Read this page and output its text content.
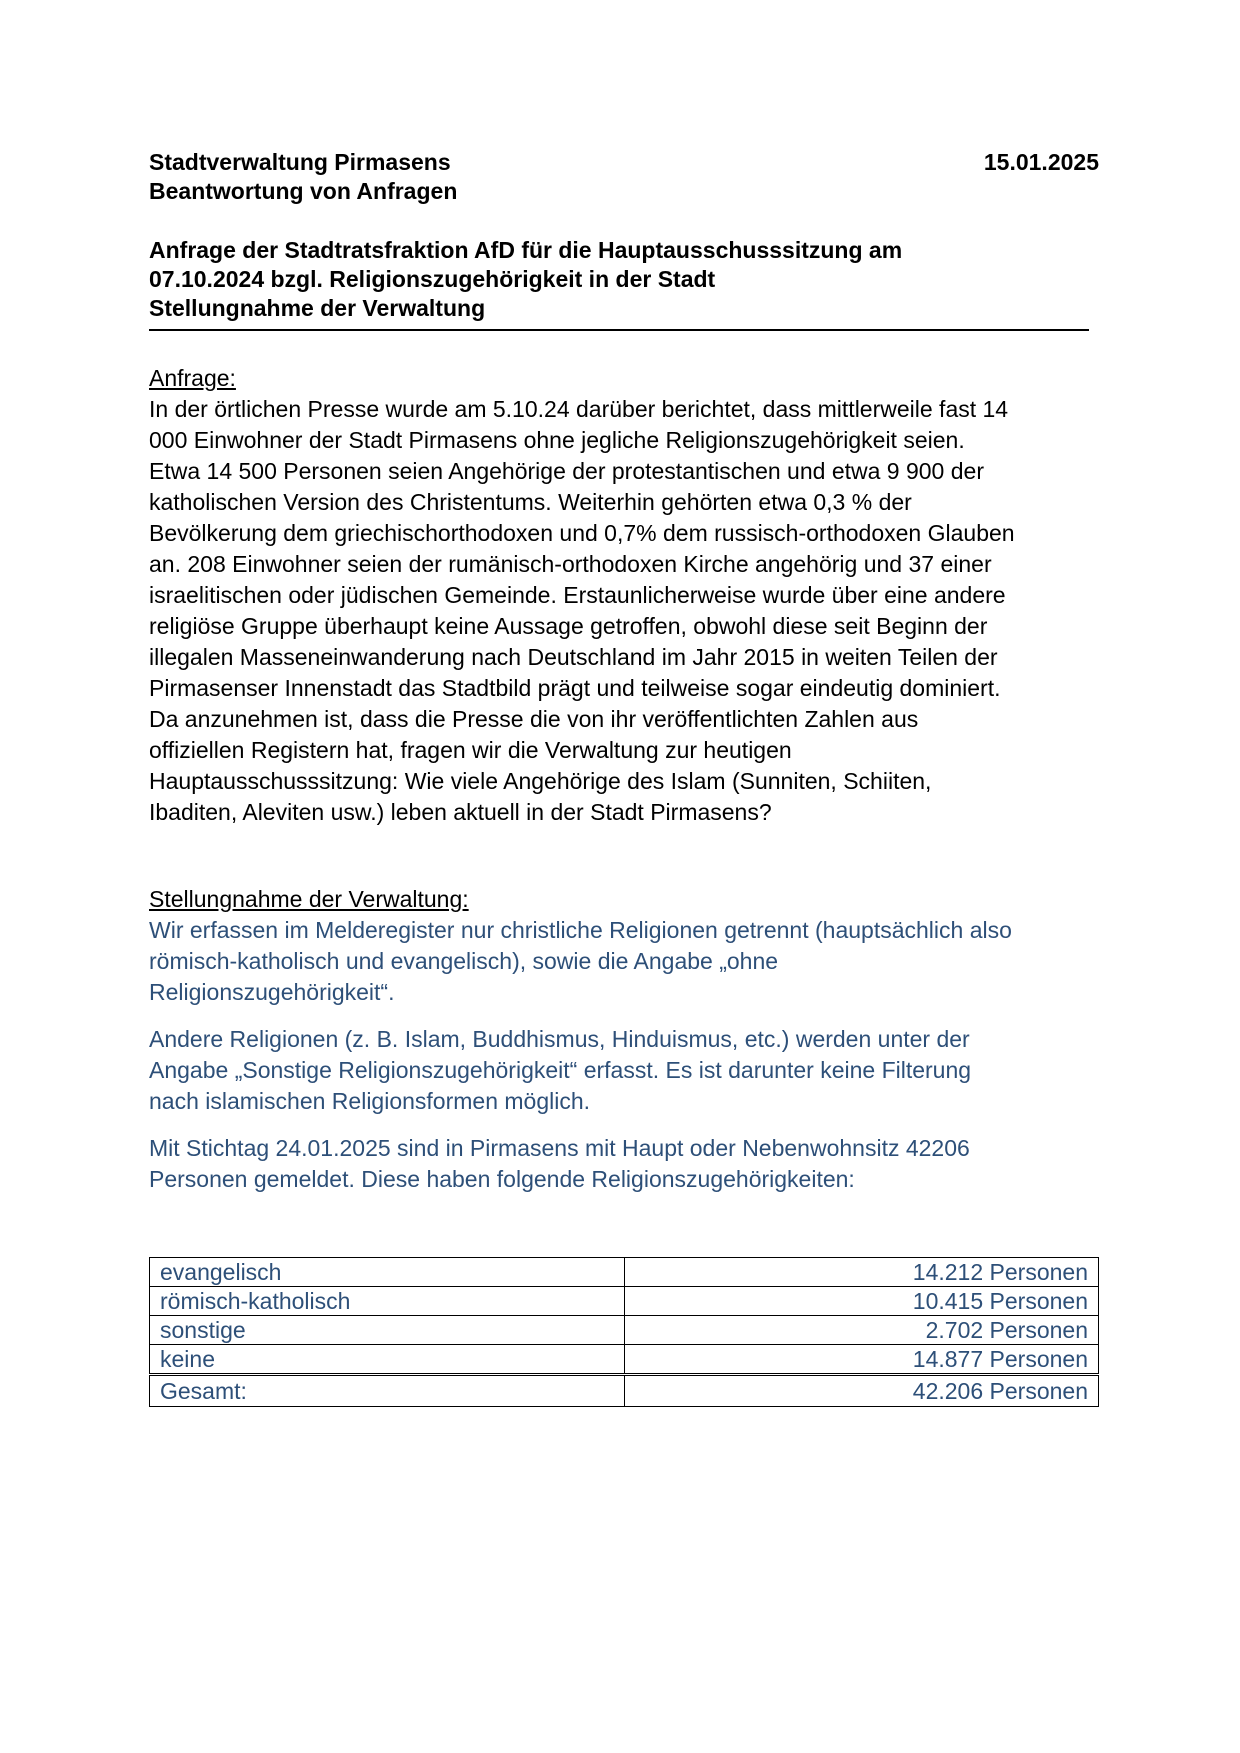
Stadtverwaltung Pirmasens	15.01.2025
Beantwortung von Anfragen
Anfrage der Stadtratsfraktion AfD für die Hauptausschusssitzung am
07.10.2024 bzgl. Religionszugehörigkeit in der Stadt
Stellungnahme der Verwaltung
Anfrage:
In der örtlichen Presse wurde am 5.10.24 darüber berichtet, dass mittlerweile fast 14
000 Einwohner der Stadt Pirmasens ohne jegliche Religionszugehörigkeit seien.
Etwa 14 500 Personen seien Angehörige der protestantischen und etwa 9 900 der
katholischen Version des Christentums. Weiterhin gehörten etwa 0,3 % der
Bevölkerung dem griechischorthodoxen und 0,7% dem russisch-orthodoxen Glauben
an. 208 Einwohner seien der rumänisch-orthodoxen Kirche angehörig und 37 einer
israelitischen oder jüdischen Gemeinde. Erstaunlicherweise wurde über eine andere
religiöse Gruppe überhaupt keine Aussage getroffen, obwohl diese seit Beginn der
illegalen Masseneinwanderung nach Deutschland im Jahr 2015 in weiten Teilen der
Pirmasenser Innenstadt das Stadtbild prägt und teilweise sogar eindeutig dominiert.
Da anzunehmen ist, dass die Presse die von ihr veröffentlichten Zahlen aus
offiziellen Registern hat, fragen wir die Verwaltung zur heutigen
Hauptausschusssitzung: Wie viele Angehörige des Islam (Sunniten, Schiiten,
Ibaditen, Aleviten usw.) leben aktuell in der Stadt Pirmasens?
Stellungnahme der Verwaltung:
Wir erfassen im Melderegister nur christliche Religionen getrennt (hauptsächlich also
römisch-katholisch und evangelisch), sowie die Angabe „ohne
Religionszugehörigkeit“.
Andere Religionen (z. B. Islam, Buddhismus, Hinduismus, etc.) werden unter der
Angabe „Sonstige Religionszugehörigkeit“ erfasst. Es ist darunter keine Filterung
nach islamischen Religionsformen möglich.
Mit Stichtag 24.01.2025 sind in Pirmasens mit Haupt oder Nebenwohnsitz 42206
Personen gemeldet. Diese haben folgende Religionszugehörigkeiten:
evangelisch	14.212 Personen
römisch-katholisch	10.415 Personen
sonstige	2.702 Personen
keine	14.877 Personen
Gesamt:	42.206 Personen
